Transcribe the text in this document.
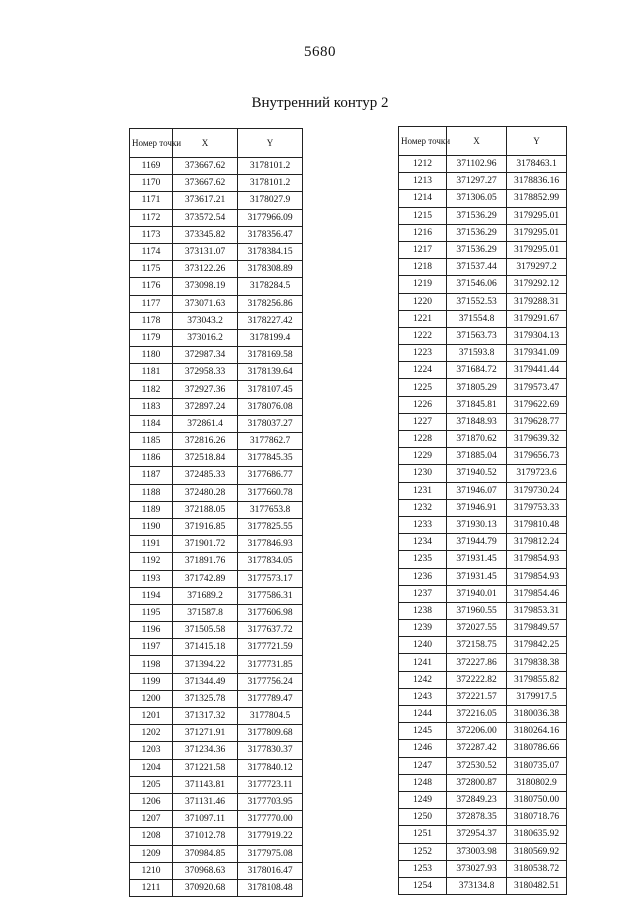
5680
Внутренний контур 2
Номер точки	X	Y
1169	373667.62	3178101.2
1170	373667.62	3178101.2
1171	373617.21	3178027.9
1172	373572.54	3177966.09
1173	373345.82	3178356.47
1174	373131.07	3178384.15
1175	373122.26	3178308.89
1176	373098.19	3178284.5
1177	373071.63	3178256.86
1178	373043.2	3178227.42
1179	373016.2	3178199.4
1180	372987.34	3178169.58
1181	372958.33	3178139.64
1182	372927.36	3178107.45
1183	372897.24	3178076.08
1184	372861.4	3178037.27
1185	372816.26	3177862.7
1186	372518.84	3177845.35
1187	372485.33	3177686.77
1188	372480.28	3177660.78
1189	372188.05	3177653.8
1190	371916.85	3177825.55
1191	371901.72	3177846.93
1192	371891.76	3177834.05
1193	371742.89	3177573.17
1194	371689.2	3177586.31
1195	371587.8	3177606.98
1196	371505.58	3177637.72
1197	371415.18	3177721.59
1198	371394.22	3177731.85
1199	371344.49	3177756.24
1200	371325.78	3177789.47
1201	371317.32	3177804.5
1202	371271.91	3177809.68
1203	371234.36	3177830.37
1204	371221.58	3177840.12
1205	371143.81	3177723.11
1206	371131.46	3177703.95
1207	371097.11	3177770.00
1208	371012.78	3177919.22
1209	370984.85	3177975.08
1210	370968.63	3178016.47
1211	370920.68	3178108.48
Номер точки	X	Y
1212	371102.96	3178463.1
1213	371297.27	3178836.16
1214	371306.05	3178852.99
1215	371536.29	3179295.01
1216	371536.29	3179295.01
1217	371536.29	3179295.01
1218	371537.44	3179297.2
1219	371546.06	3179292.12
1220	371552.53	3179288.31
1221	371554.8	3179291.67
1222	371563.73	3179304.13
1223	371593.8	3179341.09
1224	371684.72	3179441.44
1225	371805.29	3179573.47
1226	371845.81	3179622.69
1227	371848.93	3179628.77
1228	371870.62	3179639.32
1229	371885.04	3179656.73
1230	371940.52	3179723.6
1231	371946.07	3179730.24
1232	371946.91	3179753.33
1233	371930.13	3179810.48
1234	371944.79	3179812.24
1235	371931.45	3179854.93
1236	371931.45	3179854.93
1237	371940.01	3179854.46
1238	371960.55	3179853.31
1239	372027.55	3179849.57
1240	372158.75	3179842.25
1241	372227.86	3179838.38
1242	372222.82	3179855.82
1243	372221.57	3179917.5
1244	372216.05	3180036.38
1245	372206.00	3180264.16
1246	372287.42	3180786.66
1247	372530.52	3180735.07
1248	372800.87	3180802.9
1249	372849.23	3180750.00
1250	372878.35	3180718.76
1251	372954.37	3180635.92
1252	373003.98	3180569.92
1253	373027.93	3180538.72
1254	373134.8	3180482.51
